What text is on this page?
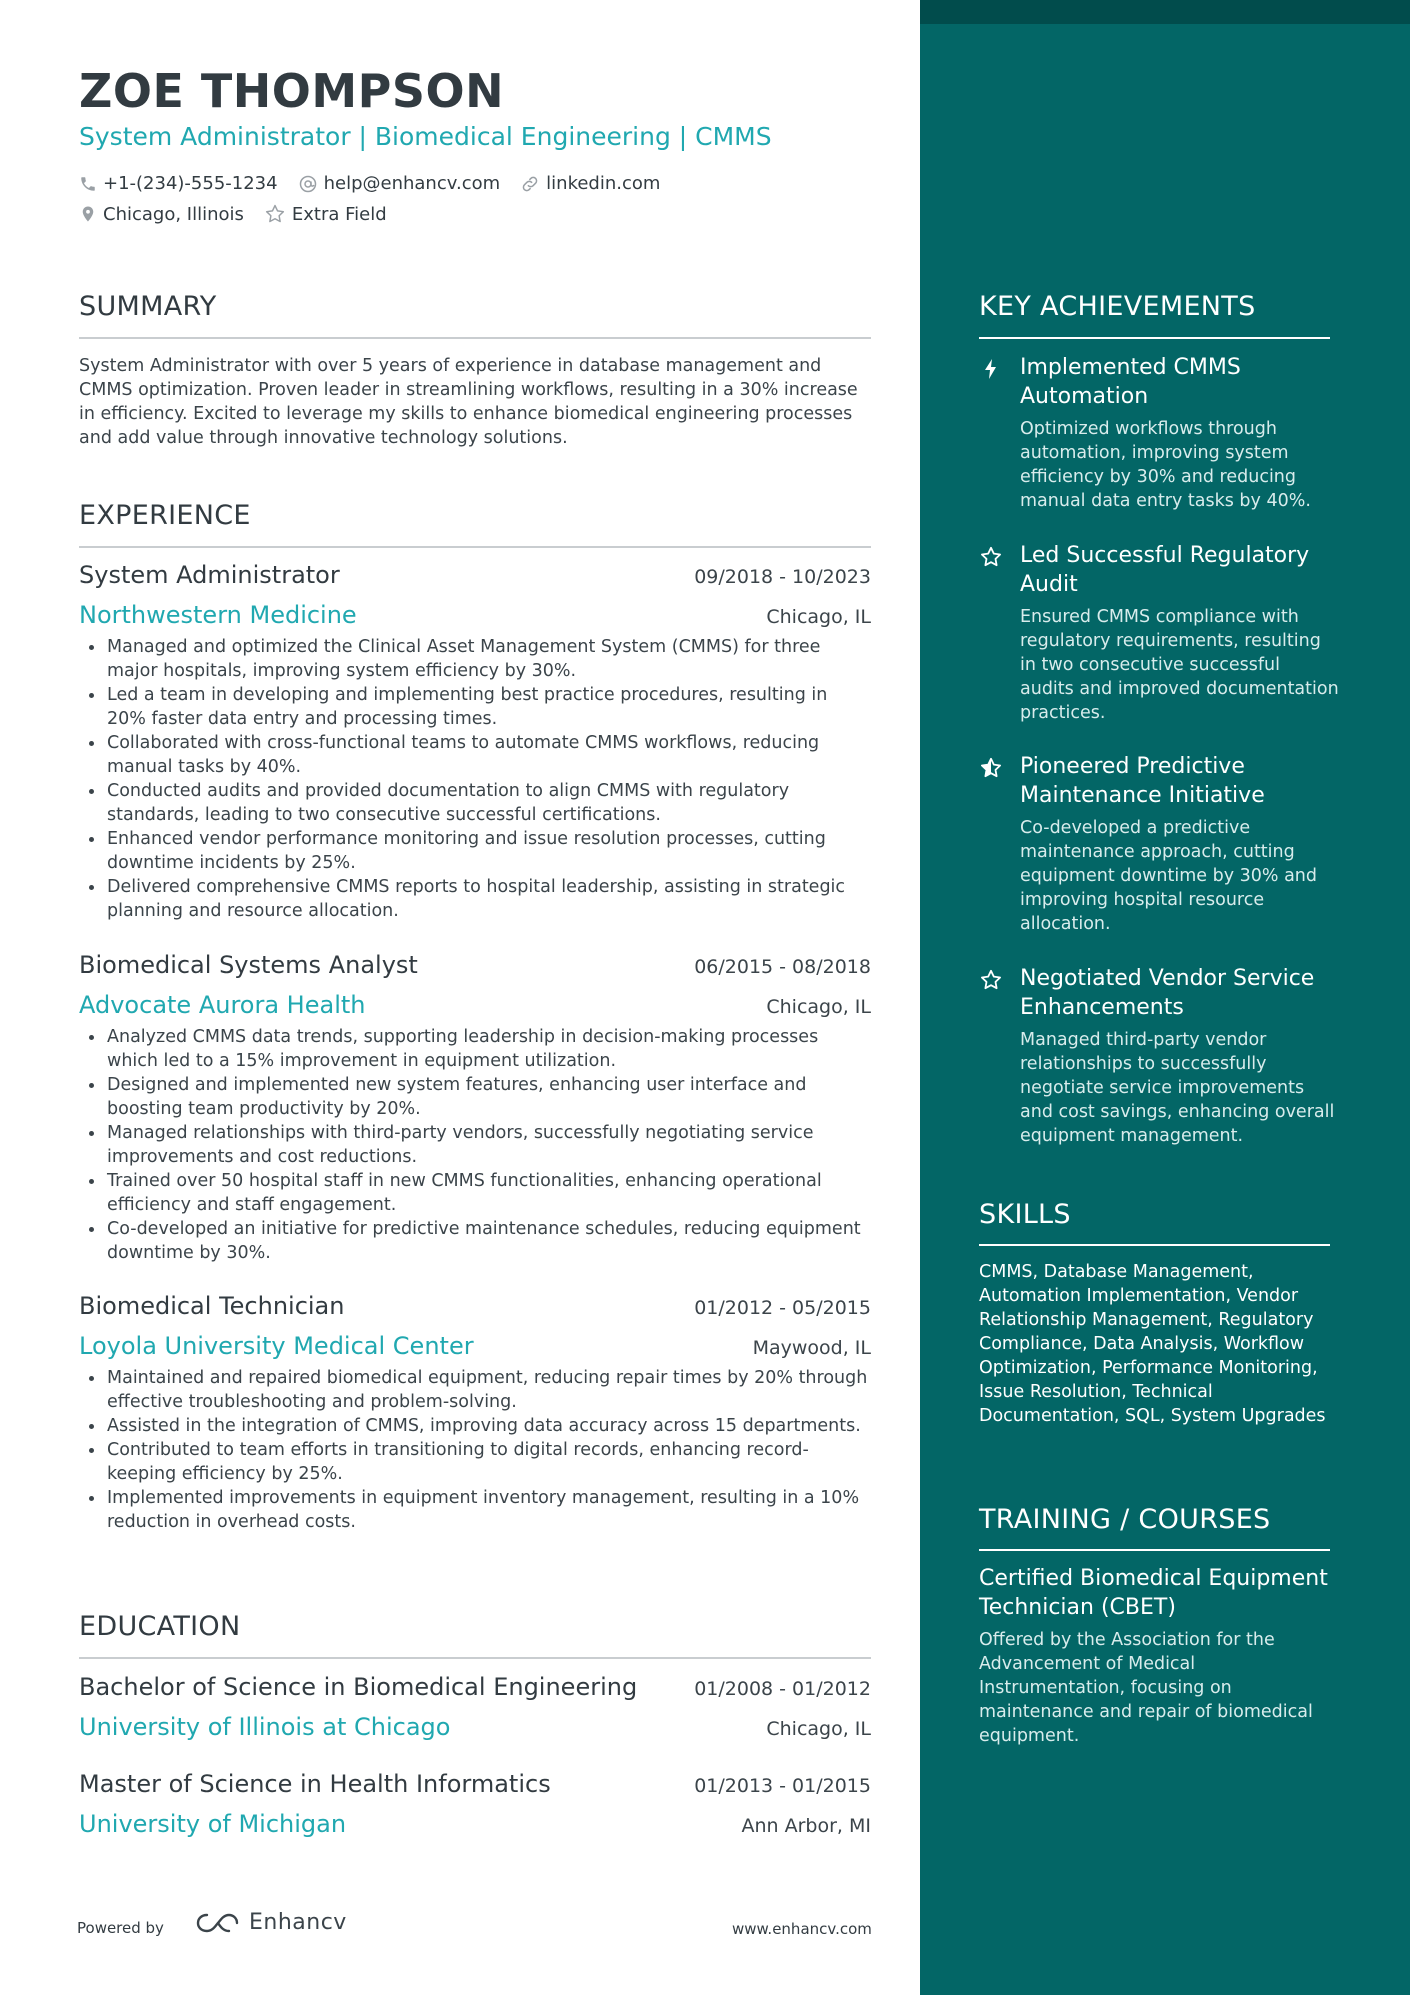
ZOE THOMPSON
System Administrator | Biomedical Engineering | CMMS
+1-(234)-555-1234	help@enhancv.com	linkedin.com
Chicago, Illinois	Extra Field
SUMMARY
System Administrator with over 5 years of experience in database management and CMMS optimization. Proven leader in streamlining workflows, resulting in a 30% increase in efficiency. Excited to leverage my skills to enhance biomedical engineering processes and add value through innovative technology solutions.
EXPERIENCE
System Administrator	09/2018 - 10/2023
Northwestern Medicine	Chicago, IL
Managed and optimized the Clinical Asset Management System (CMMS) for three major hospitals, improving system efficiency by 30%.
Led a team in developing and implementing best practice procedures, resulting in 20% faster data entry and processing times.
Collaborated with cross-functional teams to automate CMMS workflows, reducing manual tasks by 40%.
Conducted audits and provided documentation to align CMMS with regulatory standards, leading to two consecutive successful certifications.
Enhanced vendor performance monitoring and issue resolution processes, cutting downtime incidents by 25%.
Delivered comprehensive CMMS reports to hospital leadership, assisting in strategic planning and resource allocation.
Biomedical Systems Analyst	06/2015 - 08/2018
Advocate Aurora Health	Chicago, IL
Analyzed CMMS data trends, supporting leadership in decision-making processes which led to a 15% improvement in equipment utilization.
Designed and implemented new system features, enhancing user interface and boosting team productivity by 20%.
Managed relationships with third-party vendors, successfully negotiating service improvements and cost reductions.
Trained over 50 hospital staff in new CMMS functionalities, enhancing operational efficiency and staff engagement.
Co-developed an initiative for predictive maintenance schedules, reducing equipment downtime by 30%.
Biomedical Technician	01/2012 - 05/2015
Loyola University Medical Center	Maywood, IL
Maintained and repaired biomedical equipment, reducing repair times by 20% through effective troubleshooting and problem-solving.
Assisted in the integration of CMMS, improving data accuracy across 15 departments.
Contributed to team efforts in transitioning to digital records, enhancing record-keeping efficiency by 25%.
Implemented improvements in equipment inventory management, resulting in a 10% reduction in overhead costs.
EDUCATION
Bachelor of Science in Biomedical Engineering	01/2008 - 01/2012
University of Illinois at Chicago	Chicago, IL
Master of Science in Health Informatics	01/2013 - 01/2015
University of Michigan	Ann Arbor, MI
Powered by	Enhancv	www.enhancv.com
KEY ACHIEVEMENTS
Implemented CMMS Automation
Optimized workflows through automation, improving system efficiency by 30% and reducing manual data entry tasks by 40%.
Led Successful Regulatory Audit
Ensured CMMS compliance with regulatory requirements, resulting in two consecutive successful audits and improved documentation practices.
Pioneered Predictive Maintenance Initiative
Co-developed a predictive maintenance approach, cutting equipment downtime by 30% and improving hospital resource allocation.
Negotiated Vendor Service Enhancements
Managed third-party vendor relationships to successfully negotiate service improvements and cost savings, enhancing overall equipment management.
SKILLS
CMMS, Database Management, Automation Implementation, Vendor Relationship Management, Regulatory Compliance, Data Analysis, Workflow Optimization, Performance Monitoring, Issue Resolution, Technical Documentation, SQL, System Upgrades
TRAINING / COURSES
Certified Biomedical Equipment Technician (CBET)
Offered by the Association for the Advancement of Medical Instrumentation, focusing on maintenance and repair of biomedical equipment.
